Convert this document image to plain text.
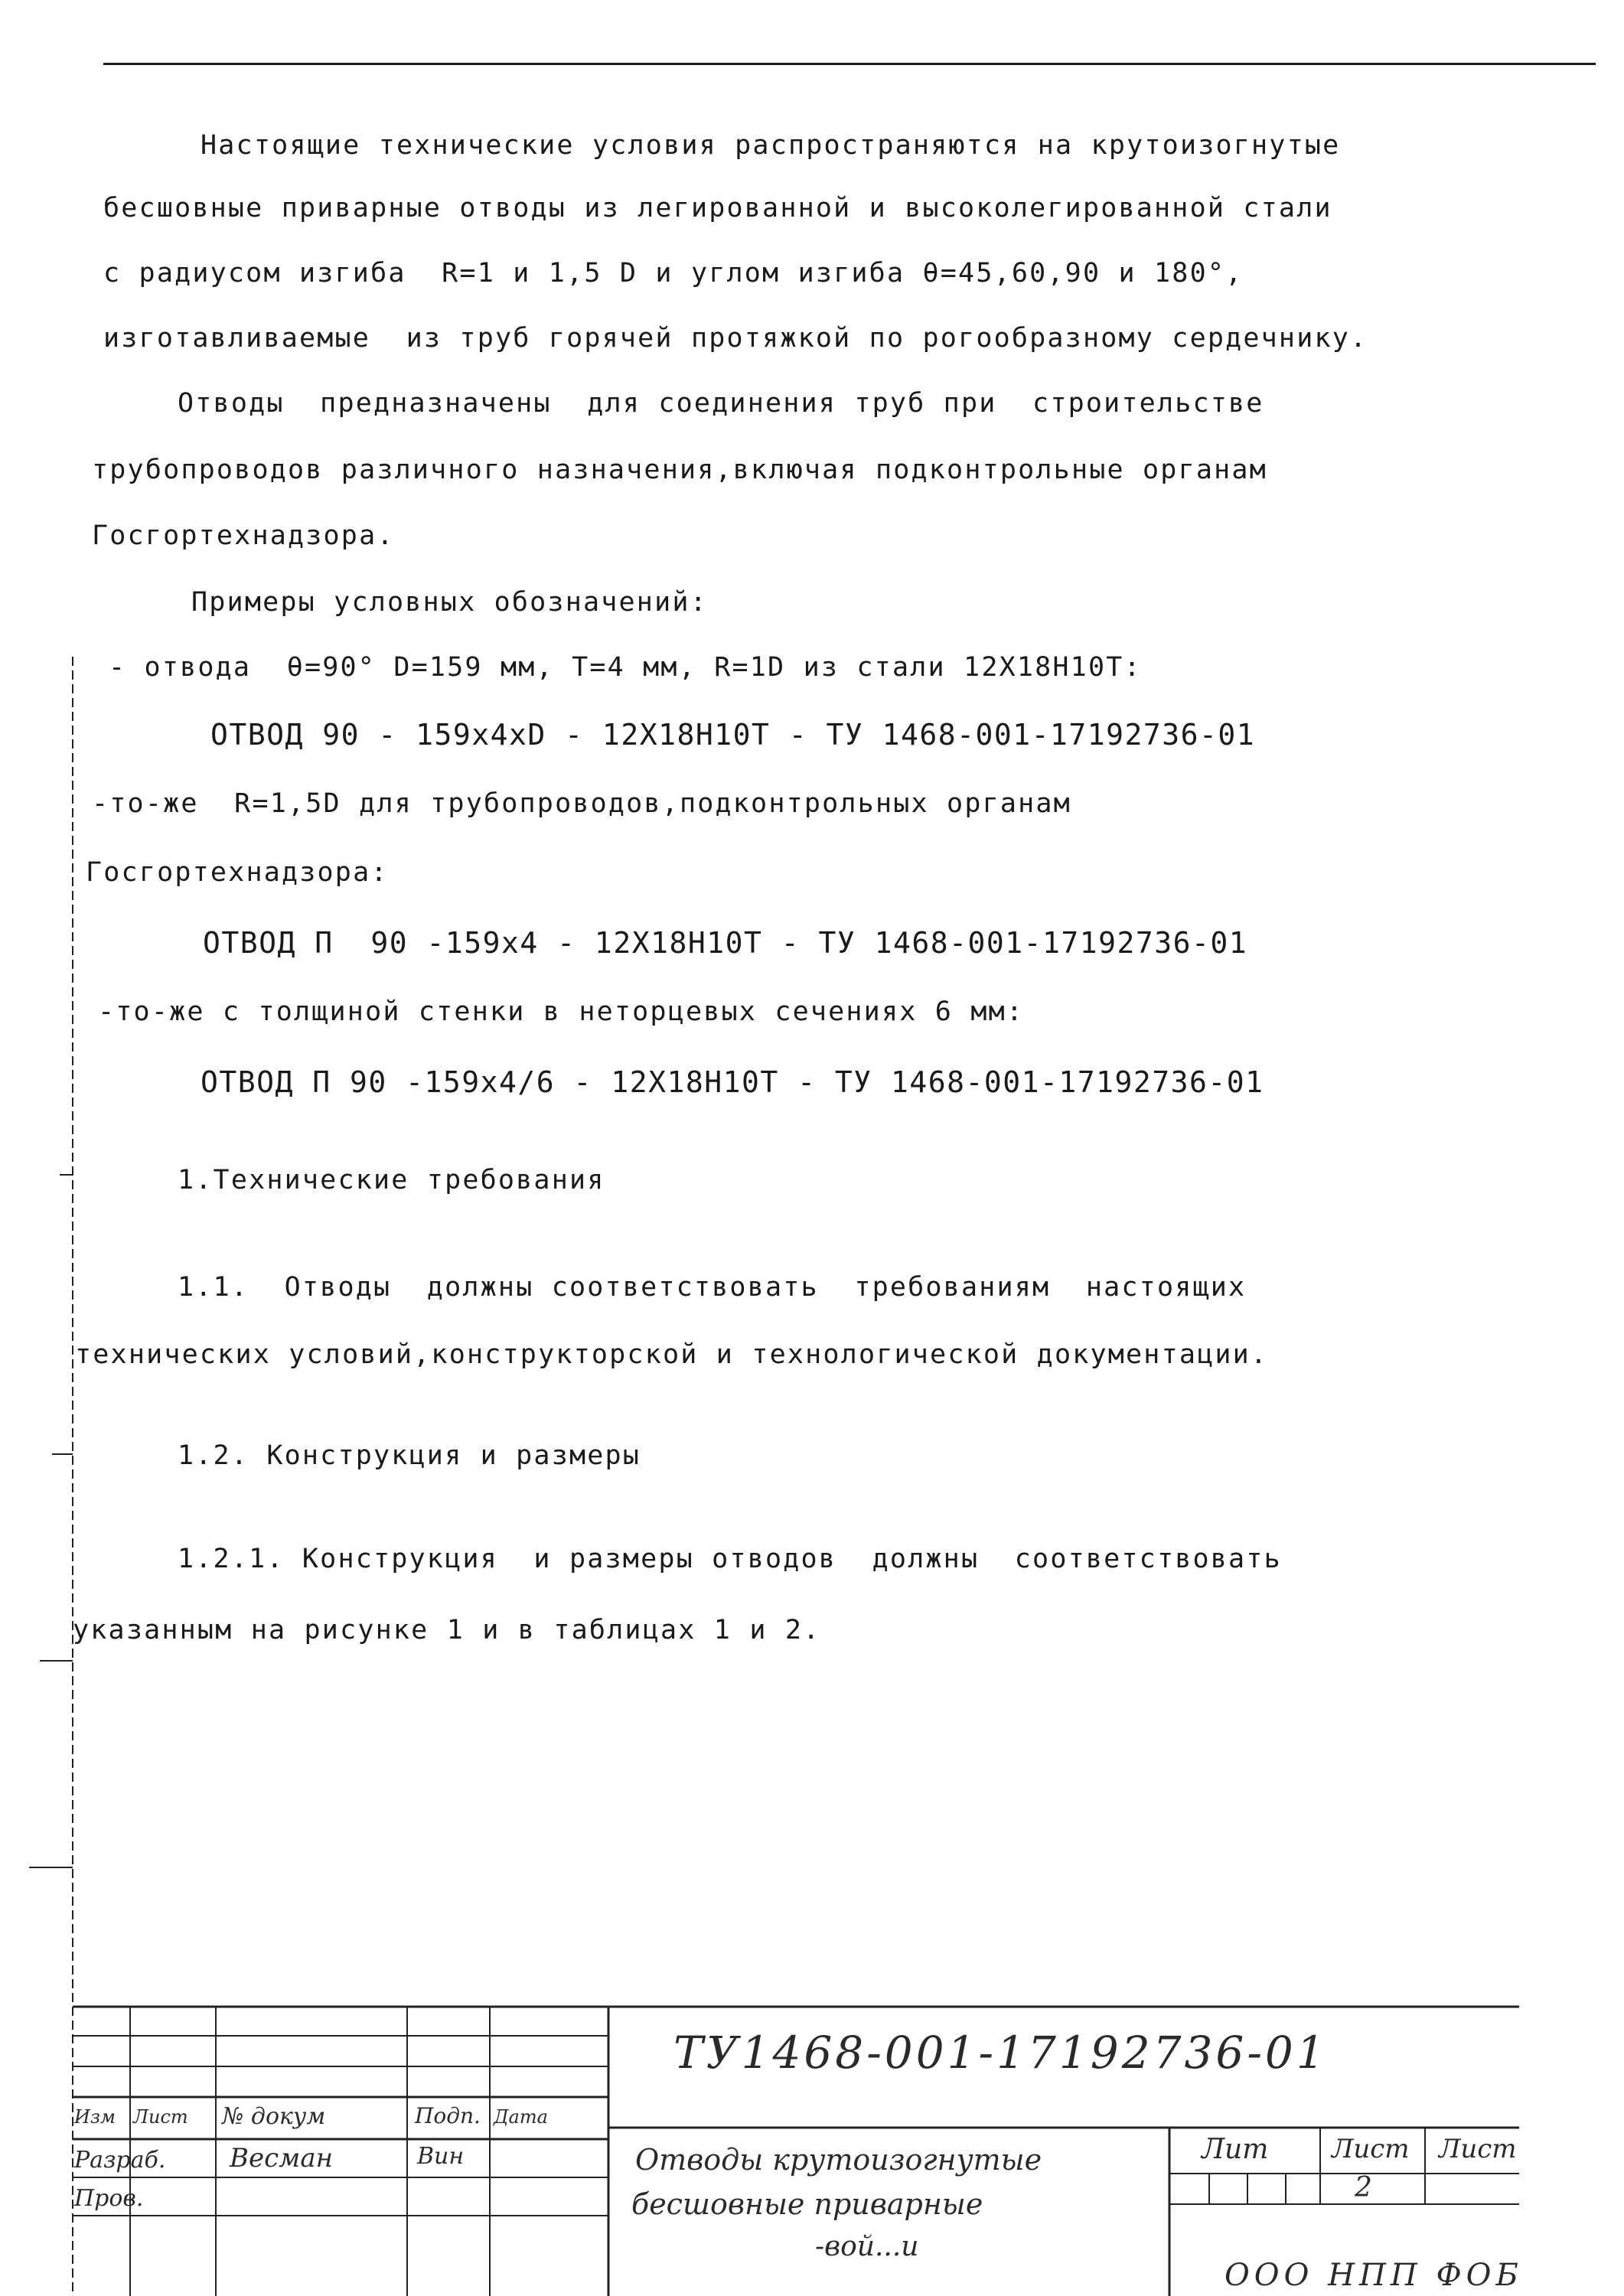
Настоящие технические условия распространяются на крутоизогнутые
бесшовные приварные отводы из легированной и высоколегированной стали
с радиусом изгиба  R=1 и 1,5 D и углом изгиба θ=45,60,90 и 180°,
изготавливаемые  из труб горячей протяжкой по рогообразному сердечнику.
Отводы  предназначены  для соединения труб при  строительстве
трубопроводов различного назначения,включая подконтрольные органам
Госгортехнадзора.
Примеры условных обозначений:
- отвода  θ=90° D=159 мм, T=4 мм, R=1D из стали 12Х18Н10Т:
ОТВОД 90 - 159х4хD - 12Х18Н10Т - ТУ 1468-001-17192736-01
-то-же  R=1,5D для трубопроводов,подконтрольных органам
Госгортехнадзора:
ОТВОД П  90 -159х4 - 12Х18Н10Т - ТУ 1468-001-17192736-01
-то-же с толщиной стенки в неторцевых сечениях 6 мм:
ОТВОД П 90 -159х4/6 - 12Х18Н10Т - ТУ 1468-001-17192736-01
1.Технические требования
1.1.  Отводы  должны соответствовать  требованиям  настоящих
технических условий,конструкторской и технологической документации.
1.2. Конструкция и размеры
1.2.1. Конструкция  и размеры отводов  должны  соответствовать
указанным на рисунке 1 и в таблицах 1 и 2.
ТУ1468-001-17192736-01
Изм Лист № докум	Подп. Дата
Разраб. Весман	Вин
Пров.
Отводы крутоизогнутые
бесшовные приварные
-вой...и
Лит Лист Лист
2
ООО НПП ФОБ
